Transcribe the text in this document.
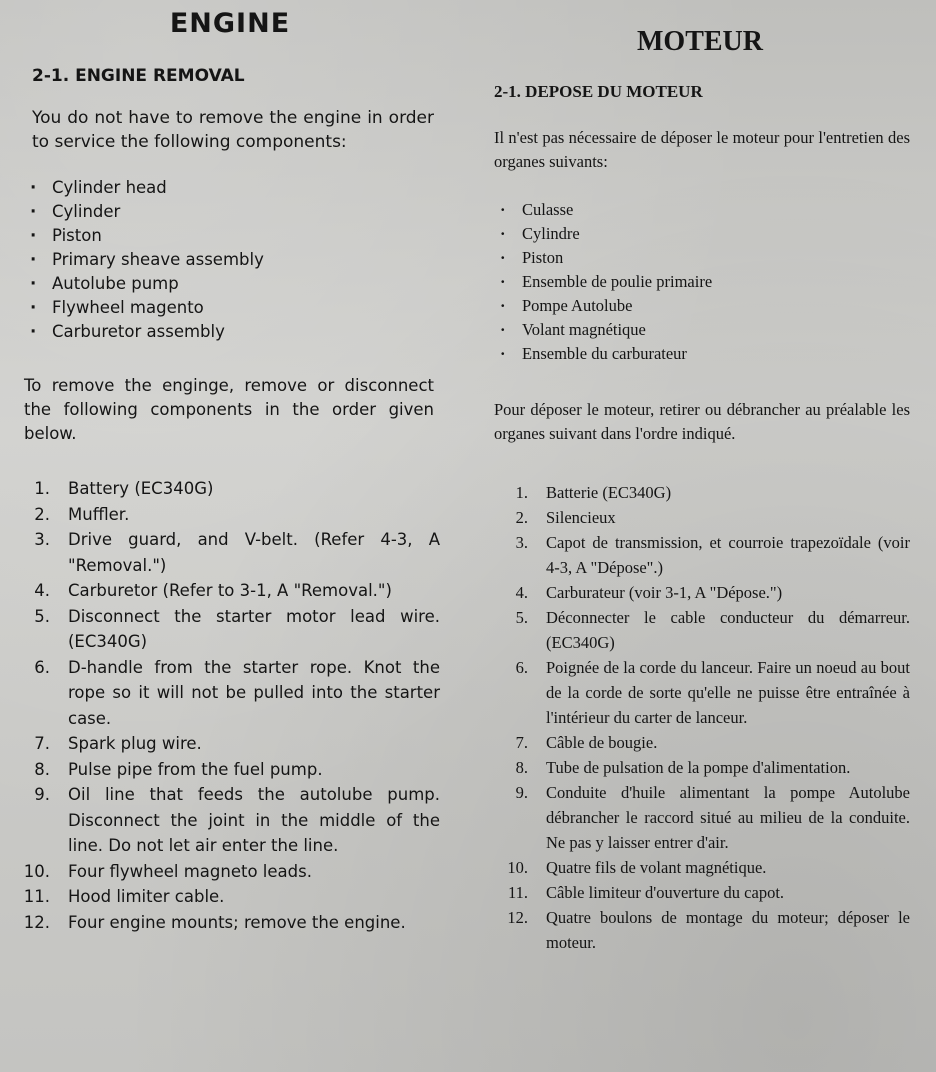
ENGINE
2-1. ENGINE REMOVAL

You do not have to remove the engine in order to service the following components:

· Cylinder head
· Cylinder
· Piston
· Primary sheave assembly
· Autolube pump
· Flywheel magento
· Carburetor assembly

To remove the enginge, remove or disconnect the following components in the order given below.

1. Battery (EC340G)
2. Muffler.
3. Drive guard, and V-belt. (Refer 4-3, A "Removal.")
4. Carburetor (Refer to 3-1, A "Removal.")
5. Disconnect the starter motor lead wire. (EC340G)
6. D-handle from the starter rope. Knot the rope so it will not be pulled into the starter case.
7. Spark plug wire.
8. Pulse pipe from the fuel pump.
9. Oil line that feeds the autolube pump. Disconnect the joint in the middle of the line. Do not let air enter the line.
10. Four flywheel magneto leads.
11. Hood limiter cable.
12. Four engine mounts; remove the engine.
MOTEUR
2-1. DEPOSE DU MOTEUR

Il n'est pas nécessaire de déposer le moteur pour l'entretien des organes suivants:

· Culasse
· Cylindre
· Piston
· Ensemble de poulie primaire
· Pompe Autolube
· Volant magnétique
· Ensemble du carburateur

Pour déposer le moteur, retirer ou débrancher au préalable les organes suivant dans l'ordre indiqué.

1. Batterie (EC340G)
2. Silencieux
3. Capot de transmission, et courroie trapezoïdale (voir 4-3, A "Dépose".)
4. Carburateur (voir 3-1, A "Dépose.")
5. Déconnecter le cable conducteur du démarreur. (EC340G)
6. Poignée de la corde du lanceur. Faire un noeud au bout de la corde de sorte qu'elle ne puisse être entraînée à l'intérieur du carter de lanceur.
7. Câble de bougie.
8. Tube de pulsation de la pompe d'alimentation.
9. Conduite d'huile alimentant la pompe Autolube débrancher le raccord situé au milieu de la conduite. Ne pas y laisser entrer d'air.
10. Quatre fils de volant magnétique.
11. Câble limiteur d'ouverture du capot.
12. Quatre boulons de montage du moteur; déposer le moteur.
